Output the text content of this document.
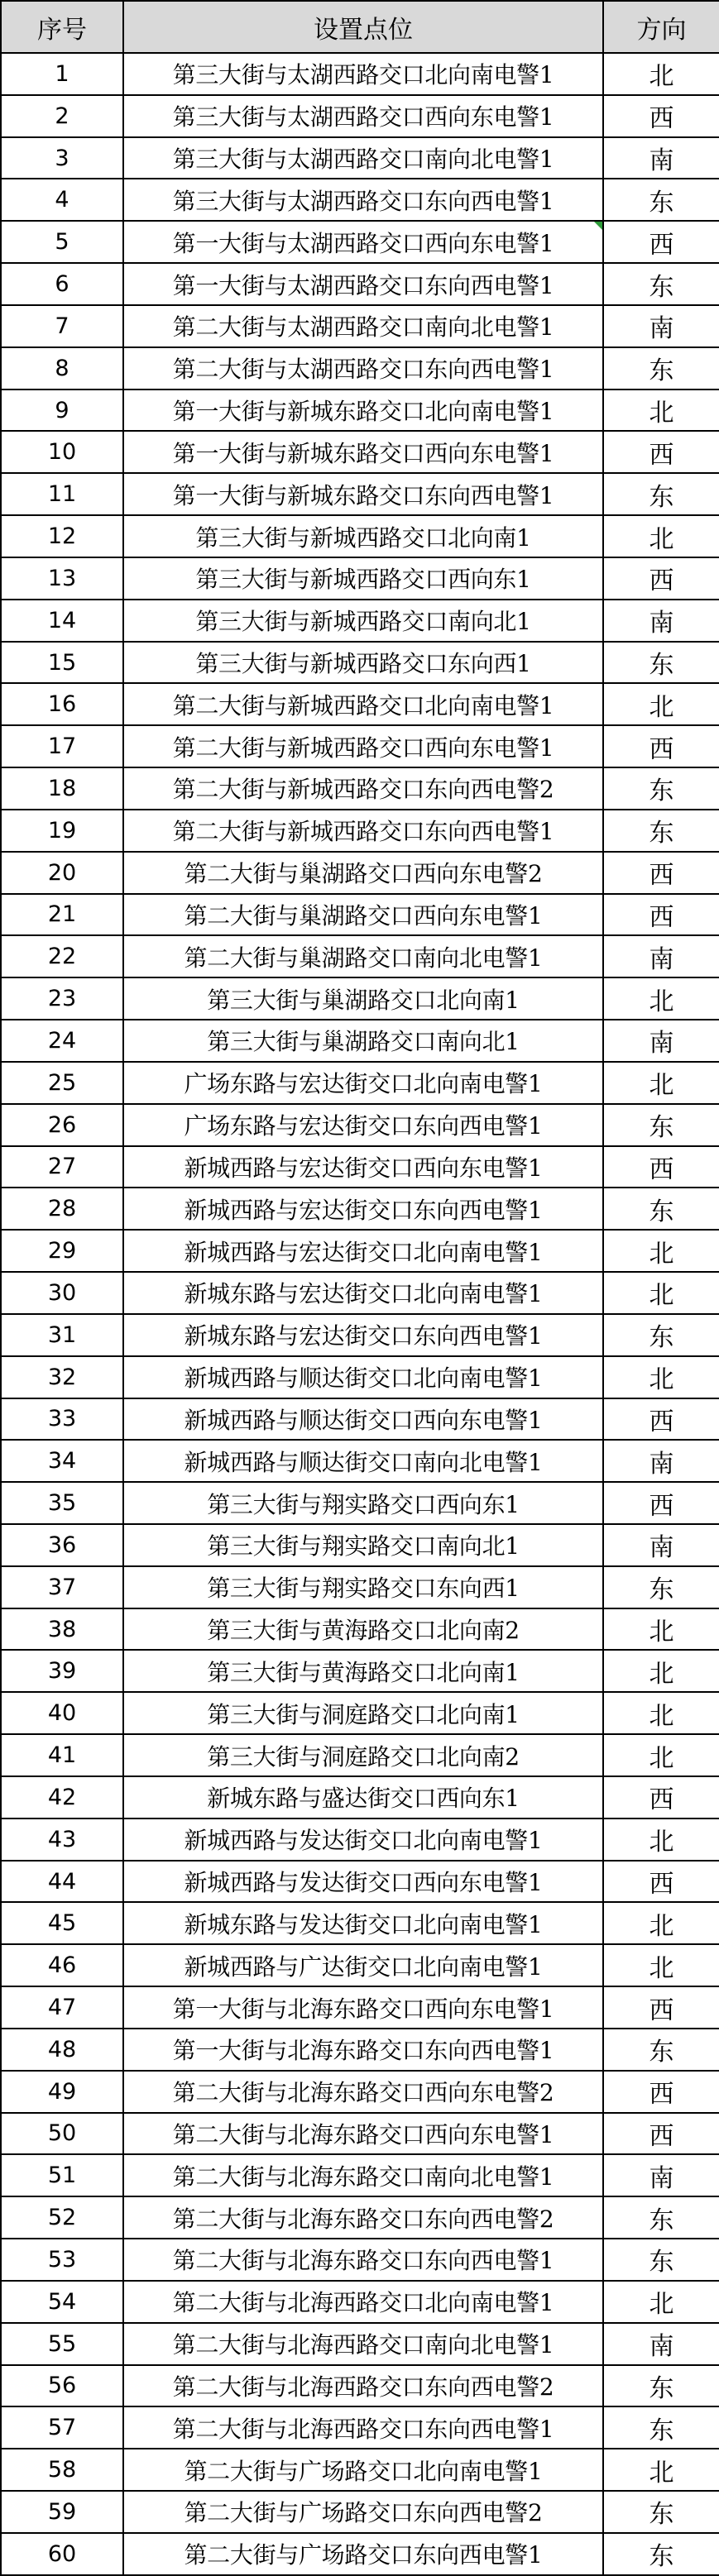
序号	设置点位	方向
1	第三大街与太湖西路交口北向南电警1	北
2	第三大街与太湖西路交口西向东电警1	西
3	第三大街与太湖西路交口南向北电警1	南
4	第三大街与太湖西路交口东向西电警1	东
5	第一大街与太湖西路交口西向东电警1	西
6	第一大街与太湖西路交口东向西电警1	东
7	第二大街与太湖西路交口南向北电警1	南
8	第二大街与太湖西路交口东向西电警1	东
9	第一大街与新城东路交口北向南电警1	北
10	第一大街与新城东路交口西向东电警1	西
11	第一大街与新城东路交口东向西电警1	东
12	第三大街与新城西路交口北向南1	北
13	第三大街与新城西路交口西向东1	西
14	第三大街与新城西路交口南向北1	南
15	第三大街与新城西路交口东向西1	东
16	第二大街与新城西路交口北向南电警1	北
17	第二大街与新城西路交口西向东电警1	西
18	第二大街与新城西路交口东向西电警2	东
19	第二大街与新城西路交口东向西电警1	东
20	第二大街与巢湖路交口西向东电警2	西
21	第二大街与巢湖路交口西向东电警1	西
22	第二大街与巢湖路交口南向北电警1	南
23	第三大街与巢湖路交口北向南1	北
24	第三大街与巢湖路交口南向北1	南
25	广场东路与宏达街交口北向南电警1	北
26	广场东路与宏达街交口东向西电警1	东
27	新城西路与宏达街交口西向东电警1	西
28	新城西路与宏达街交口东向西电警1	东
29	新城西路与宏达街交口北向南电警1	北
30	新城东路与宏达街交口北向南电警1	北
31	新城东路与宏达街交口东向西电警1	东
32	新城西路与顺达街交口北向南电警1	北
33	新城西路与顺达街交口西向东电警1	西
34	新城西路与顺达街交口南向北电警1	南
35	第三大街与翔实路交口西向东1	西
36	第三大街与翔实路交口南向北1	南
37	第三大街与翔实路交口东向西1	东
38	第三大街与黄海路交口北向南2	北
39	第三大街与黄海路交口北向南1	北
40	第三大街与洞庭路交口北向南1	北
41	第三大街与洞庭路交口北向南2	北
42	新城东路与盛达街交口西向东1	西
43	新城西路与发达街交口北向南电警1	北
44	新城西路与发达街交口西向东电警1	西
45	新城东路与发达街交口北向南电警1	北
46	新城西路与广达街交口北向南电警1	北
47	第一大街与北海东路交口西向东电警1	西
48	第一大街与北海东路交口东向西电警1	东
49	第二大街与北海东路交口西向东电警2	西
50	第二大街与北海东路交口西向东电警1	西
51	第二大街与北海东路交口南向北电警1	南
52	第二大街与北海东路交口东向西电警2	东
53	第二大街与北海东路交口东向西电警1	东
54	第二大街与北海西路交口北向南电警1	北
55	第二大街与北海西路交口南向北电警1	南
56	第二大街与北海西路交口东向西电警2	东
57	第二大街与北海西路交口东向西电警1	东
58	第二大街与广场路交口北向南电警1	北
59	第二大街与广场路交口东向西电警2	东
60	第二大街与广场路交口东向西电警1	东
